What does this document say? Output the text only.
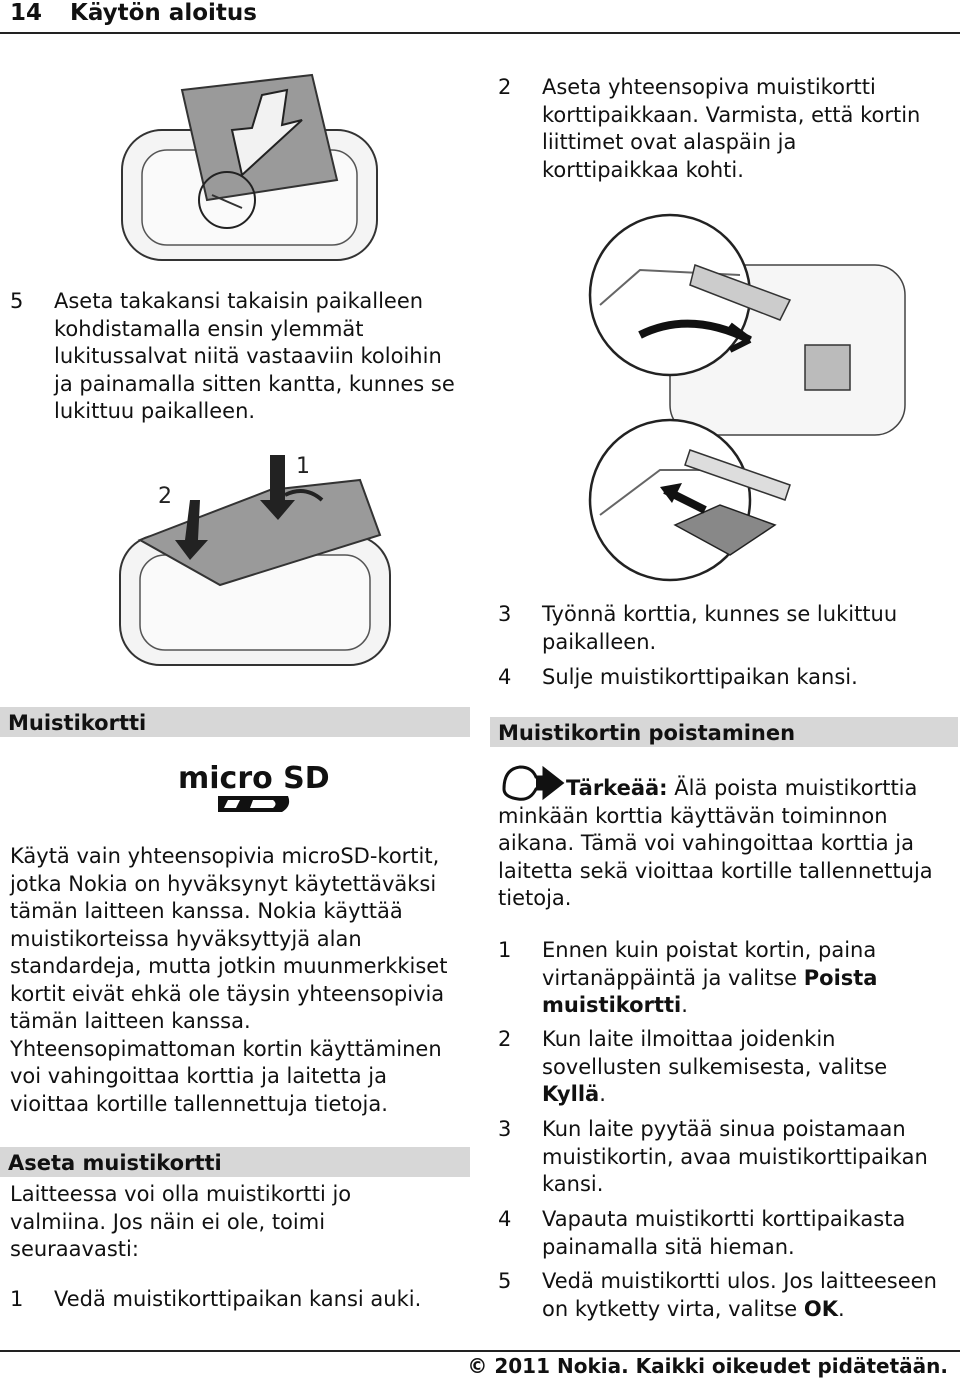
14 Käytön aloitus
5 Aseta takakansi takaisin paikalleen
kohdistamalla ensin ylemmät
lukitussalvat niitä vastaaviin koloihin
ja painamalla sitten kantta, kunnes se
lukittuu paikalleen.
1
2
Muistikortti
micro SD
Käytä vain yhteensopivia microSD-kortit,
jotka Nokia on hyväksynyt käytettäväksi
tämän laitteen kanssa. Nokia käyttää
muistikorteissa hyväksyttyjä alan
standardeja, mutta jotkin muunmerkkiset
kortit eivät ehkä ole täysin yhteensopivia
tämän laitteen kanssa.
Yhteensopimattoman kortin käyttäminen
voi vahingoittaa korttia ja laitetta ja
vioittaa kortille tallennettuja tietoja.
Aseta muistikortti
Laitteessa voi olla muistikortti jo
valmiina. Jos näin ei ole, toimi
seuraavasti:
1 Vedä muistikorttipaikan kansi auki.
2 Aseta yhteensopiva muistikortti
korttipaikkaan. Varmista, että kortin
liittimet ovat alaspäin ja
korttipaikkaa kohti.
3 Työnnä korttia, kunnes se lukittuu
paikalleen.
4 Sulje muistikorttipaikan kansi.
Muistikortin poistaminen
Tärkeää: Älä poista muistikorttia
minkään korttia käyttävän toiminnon
aikana. Tämä voi vahingoittaa korttia ja
laitetta sekä vioittaa kortille tallennettuja
tietoja.
1 Ennen kuin poistat kortin, paina
virtanäppäintä ja valitse Poista
muistikortti.
2 Kun laite ilmoittaa joidenkin
sovellusten sulkemisesta, valitse
Kyllä.
3 Kun laite pyytää sinua poistamaan
muistikortin, avaa muistikorttipaikan
kansi.
4 Vapauta muistikortti korttipaikasta
painamalla sitä hieman.
5 Vedä muistikortti ulos. Jos laitteeseen
on kytketty virta, valitse OK.
© 2011 Nokia. Kaikki oikeudet pidätetään.
